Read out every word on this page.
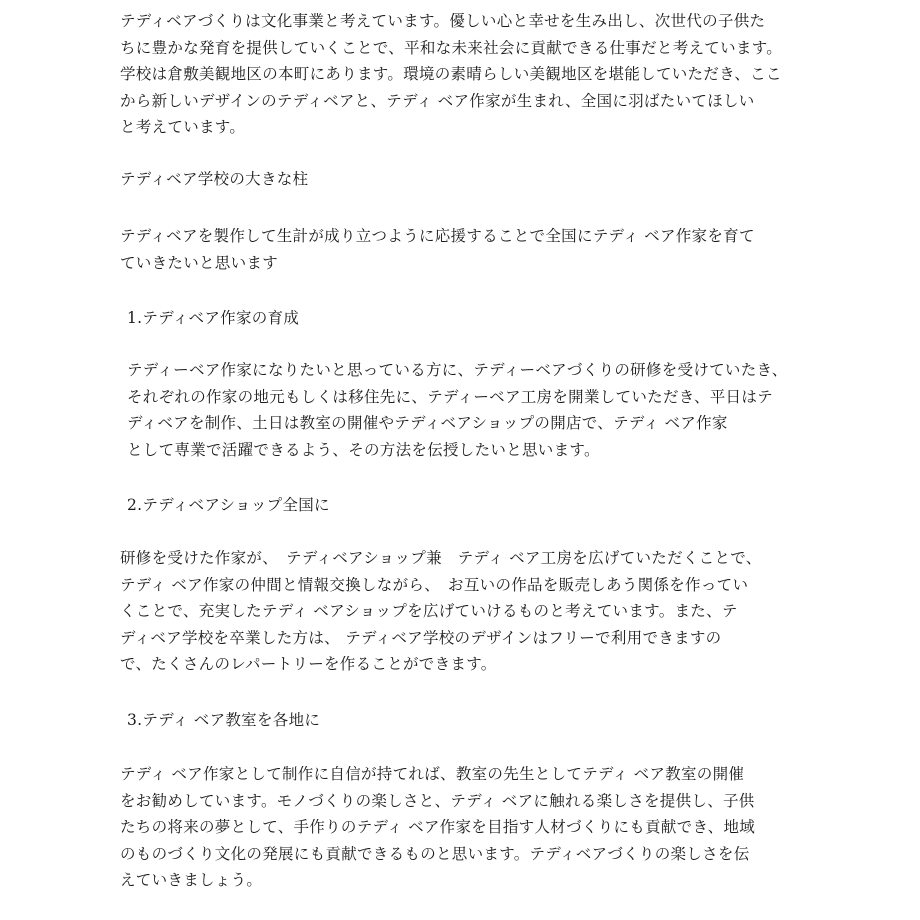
テディベアづくりは文化事業と考えています。優しい心と幸せを生み出し、次世代の子供た
ちに豊かな発育を提供していくことで、平和な未来社会に貢献できる仕事だと考えています。
学校は倉敷美観地区の本町にあります。環境の素晴らしい美観地区を堪能していただき、ここ
から新しいデザインのテディベアと、テディ ベア作家が生まれ、全国に羽ばたいてほしい
と考えています。

テディベア学校の大きな柱

テディベアを製作して生計が成り立つように応援することで全国にテディ ベア作家を育て
ていきたいと思います

1.テディベア作家の育成

テディーベア作家になりたいと思っている方に、テディーベアづくりの研修を受けていたき、
それぞれの作家の地元もしくは移住先に、テディーベア工房を開業していただき、平日はテ
ディベアを制作、土日は教室の開催やテディベアショップの開店で、テディ ベア作家
として専業で活躍できるよう、その方法を伝授したいと思います。

2.テディベアショップ全国に

研修を受けた作家が、　テディベアショップ兼　テディ ベア工房を広げていただくことで、
テディ ベア作家の仲間と情報交換しながら、　お互いの作品を販売しあう関係を作ってい
くことで、充実したテディ ベアショップを広げていけるものと考えています。また、テ
ディベア学校を卒業した方は、 テディベア学校のデザインはフリーで利用できますの
で、たくさんのレパートリーを作ることができます。

3.テディ ベア教室を各地に

テディ ベア作家として制作に自信が持てれば、教室の先生としてテディ ベア教室の開催
をお勧めしています。モノづくりの楽しさと、テディ ベアに触れる楽しさを提供し、子供
たちの将来の夢として、手作りのテディ ベア作家を目指す人材づくりにも貢献でき、地域
のものづくり文化の発展にも貢献できるものと思います。テディベアづくりの楽しさを伝
えていきましょう。
